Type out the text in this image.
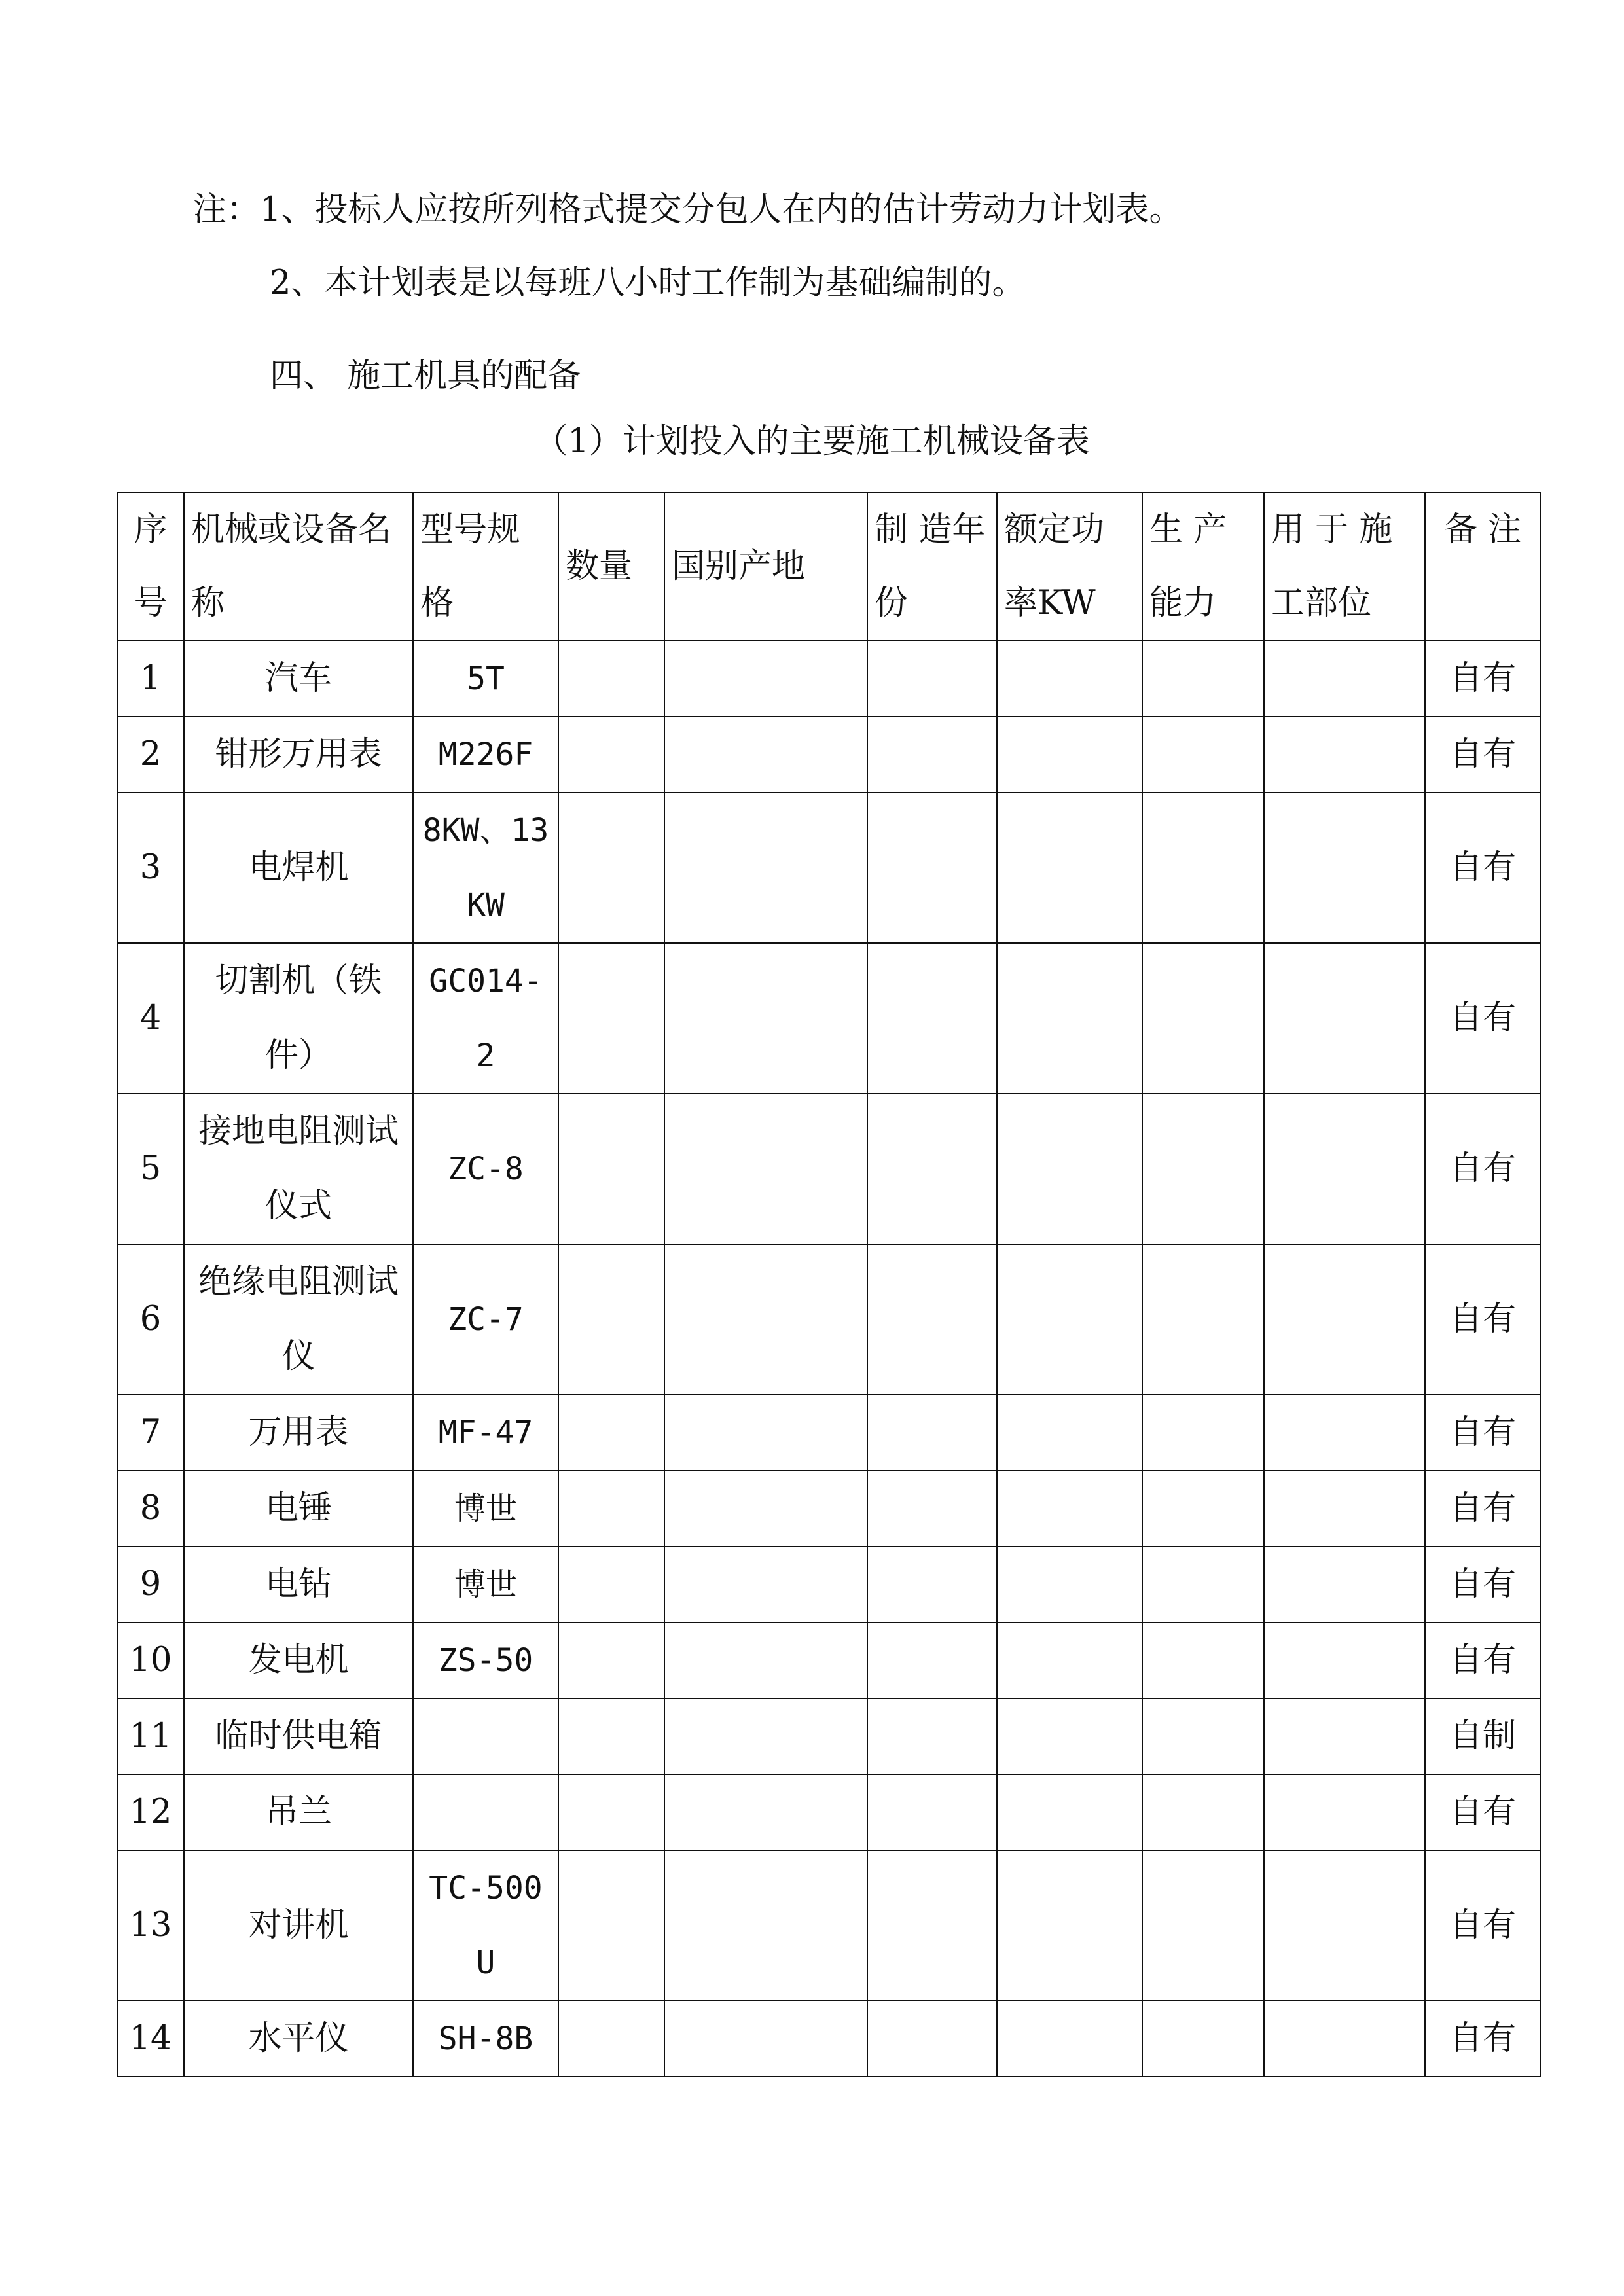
注：1、投标人应按所列格式提交分包人在内的估计劳动力计划表。
2、本计划表是以每班八小时工作制为基础编制的。
四、 施工机具的配备
（1）计划投入的主要施工机械设备表
序号	机械或设备名称	型号规格	数量	国别产地	制 造年份	额定功率KW	生 产能力	用 于 施工部位	备 注

1	汽车	5T							自有

2	钳形万用表	M226F							自有

3	电焊机	8KW、13KW							自有

4	切割机（铁件）	GC014-2							自有

5	接地电阻测试仪式	ZC-8							自有

6	绝缘电阻测试仪	ZC-7							自有

7	万用表	MF-47							自有

8	电锤	博世							自有

9	电钻	博世							自有

10	发电机	ZS-50							自有

11	临时供电箱								自制

12	吊兰								自有

13	对讲机	TC-500U							自有

14	水平仪	SH-8B							自有
